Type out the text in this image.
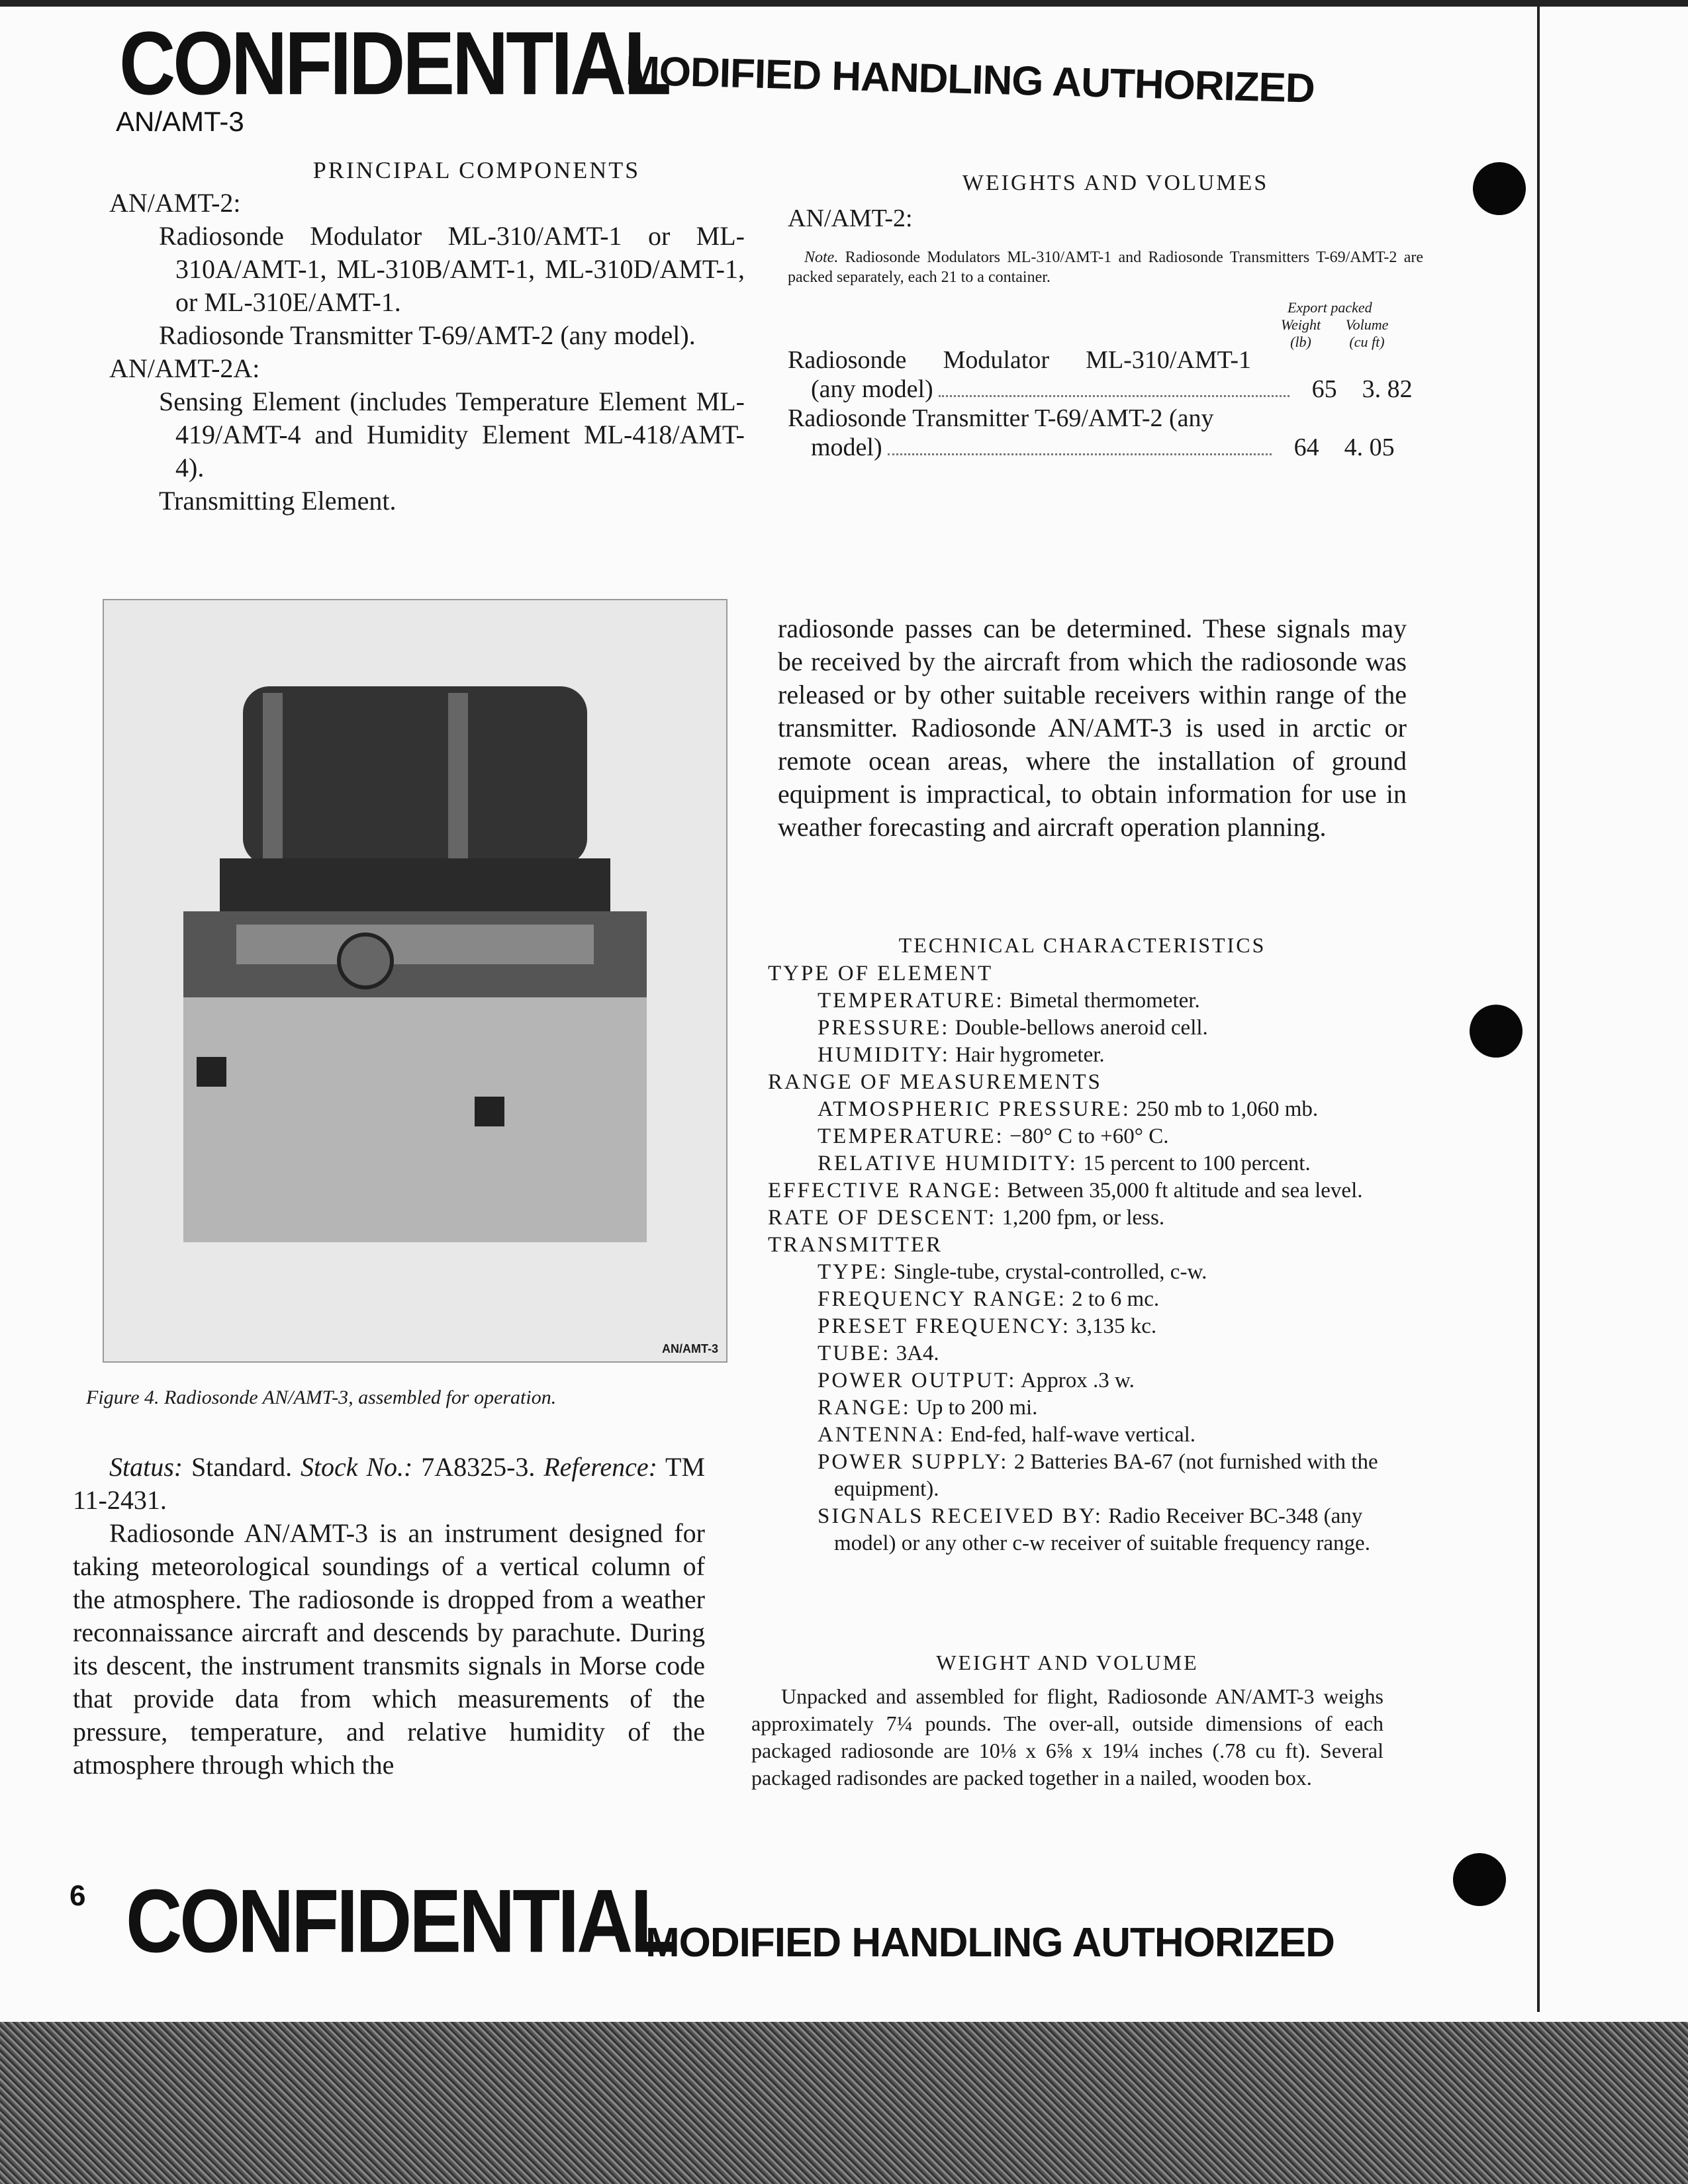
CONFIDENTIAL
MODIFIED HANDLING AUTHORIZED
AN/AMT-3
PRINCIPAL COMPONENTS
AN/AMT-2:
Radiosonde Modulator ML-310/AMT-1 or ML-310A/AMT-1, ML-310B/AMT-1, ML-310D/AMT-1, or ML-310E/AMT-1.
Radiosonde Transmitter T-69/AMT-2 (any model).
AN/AMT-2A:
Sensing Element (includes Temperature Element ML-419/AMT-4 and Humidity Element ML-418/AMT-4).
Transmitting Element.
WEIGHTS AND VOLUMES
AN/AMT-2:
Note. Radiosonde Modulators ML-310/AMT-1 and Radiosonde Transmitters T-69/AMT-2 are packed separately, each 21 to a container.
Export packed
Weight (lb)
Volume (cu ft)
Radiosonde Modulator ML-310/AMT-1
(any model)	65	3. 82
Radiosonde Transmitter T-69/AMT-2 (any
model)	64	4. 05
AN/AMT-3
Figure 4. Radiosonde AN/AMT-3, assembled for operation.
Status: Standard. Stock No.: 7A8325-3. Reference: TM 11-2431.
Radiosonde AN/AMT-3 is an instrument designed for taking meteorological soundings of a vertical column of the atmosphere. The radiosonde is dropped from a weather reconnaissance aircraft and descends by parachute. During its descent, the instrument transmits signals in Morse code that provide data from which measurements of the pressure, temperature, and relative humidity of the atmosphere through which the
radiosonde passes can be determined. These signals may be received by the aircraft from which the radiosonde was released or by other suitable receivers within range of the transmitter. Radiosonde AN/AMT-3 is used in arctic or remote ocean areas, where the installation of ground equipment is impractical, to obtain information for use in weather forecasting and aircraft operation planning.
TECHNICAL CHARACTERISTICS
TYPE OF ELEMENT
TEMPERATURE: Bimetal thermometer.
PRESSURE: Double-bellows aneroid cell.
HUMIDITY: Hair hygrometer.
RANGE OF MEASUREMENTS
ATMOSPHERIC PRESSURE: 250 mb to 1,060 mb.
TEMPERATURE: −80° C to +60° C.
RELATIVE HUMIDITY: 15 percent to 100 percent.
EFFECTIVE RANGE: Between 35,000 ft altitude and sea level.
RATE OF DESCENT: 1,200 fpm, or less.
TRANSMITTER
TYPE: Single-tube, crystal-controlled, c-w.
FREQUENCY RANGE: 2 to 6 mc.
PRESET FREQUENCY: 3,135 kc.
TUBE: 3A4.
POWER OUTPUT: Approx .3 w.
RANGE: Up to 200 mi.
ANTENNA: End-fed, half-wave vertical.
POWER SUPPLY: 2 Batteries BA-67 (not furnished with the equipment).
SIGNALS RECEIVED BY: Radio Receiver BC-348 (any model) or any other c-w receiver of suitable frequency range.
WEIGHT AND VOLUME
Unpacked and assembled for flight, Radiosonde AN/AMT-3 weighs approximately 7¼ pounds. The over-all, outside dimensions of each packaged radiosonde are 10⅛ x 6⅝ x 19¼ inches (.78 cu ft). Several packaged radisondes are packed together in a nailed, wooden box.
6 CONFIDENTIAL
MODIFIED HANDLING AUTHORIZED
